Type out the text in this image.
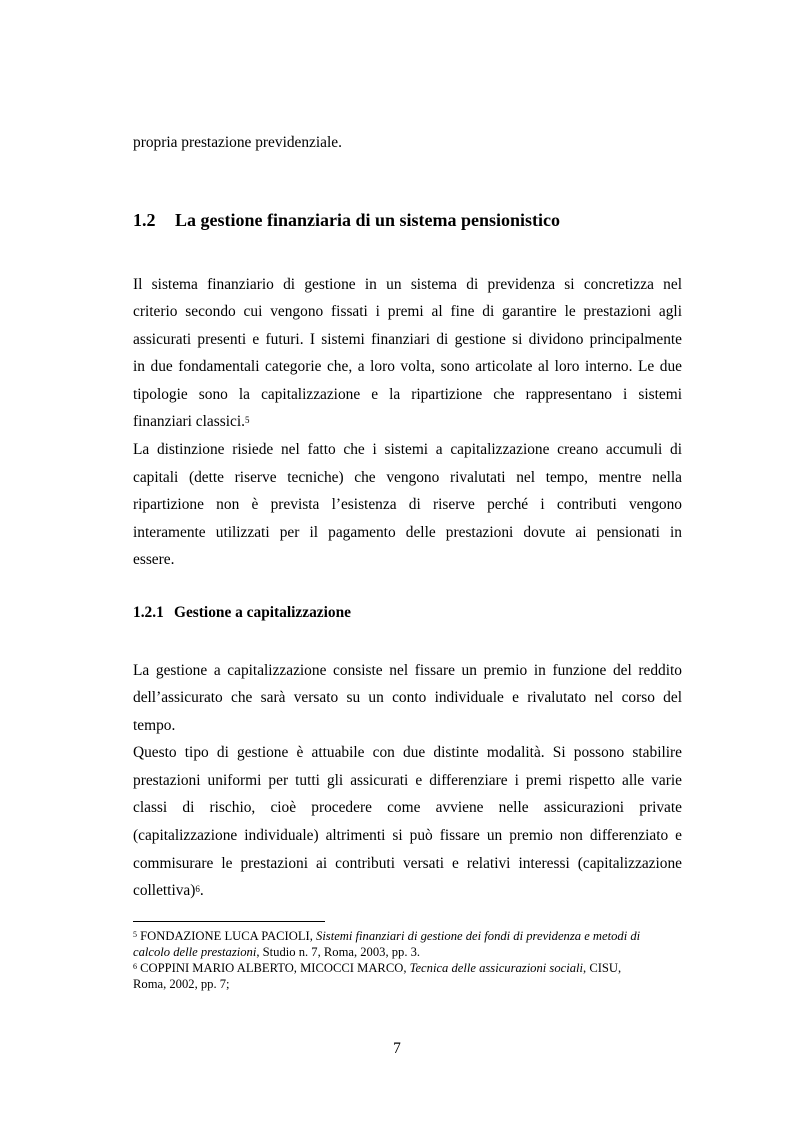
propria prestazione previdenziale.
1.2 La gestione finanziaria di un sistema pensionistico
Il sistema finanziario di gestione in un sistema di previdenza si concretizza nel
criterio secondo cui vengono fissati i premi al fine di garantire le prestazioni agli
assicurati presenti e futuri. I sistemi finanziari di gestione si dividono principalmente
in due fondamentali categorie che, a loro volta, sono articolate al loro interno. Le due
tipologie sono la capitalizzazione e la ripartizione che rappresentano i sistemi
finanziari classici.$^5$
La distinzione risiede nel fatto che i sistemi a capitalizzazione creano accumuli di
capitali (dette riserve tecniche) che vengono rivalutati nel tempo, mentre nella
ripartizione non è prevista l’esistenza di riserve perché i contributi vengono
interamente utilizzati per il pagamento delle prestazioni dovute ai pensionati in
essere.
1.2.1 Gestione a capitalizzazione
La gestione a capitalizzazione consiste nel fissare un premio in funzione del reddito
dell’assicurato che sarà versato su un conto individuale e rivalutato nel corso del
tempo.
Questo tipo di gestione è attuabile con due distinte modalità. Si possono stabilire
prestazioni uniformi per tutti gli assicurati e differenziare i premi rispetto alle varie
classi di rischio, cioè procedere come avviene nelle assicurazioni private
(capitalizzazione individuale) altrimenti si può fissare un premio non differenziato e
commisurare le prestazioni ai contributi versati e relativi interessi (capitalizzazione
collettiva)$^6$.
$^5$ FONDAZIONE LUCA PACIOLI, Sistemi finanziari di gestione dei fondi di previdenza e metodi di
calcolo delle prestazioni, Studio n. 7, Roma, 2003, pp. 3.
$^6$ COPPINI MARIO ALBERTO, MICOCCI MARCO, Tecnica delle assicurazioni sociali, CISU,
Roma, 2002, pp. 7;
7
